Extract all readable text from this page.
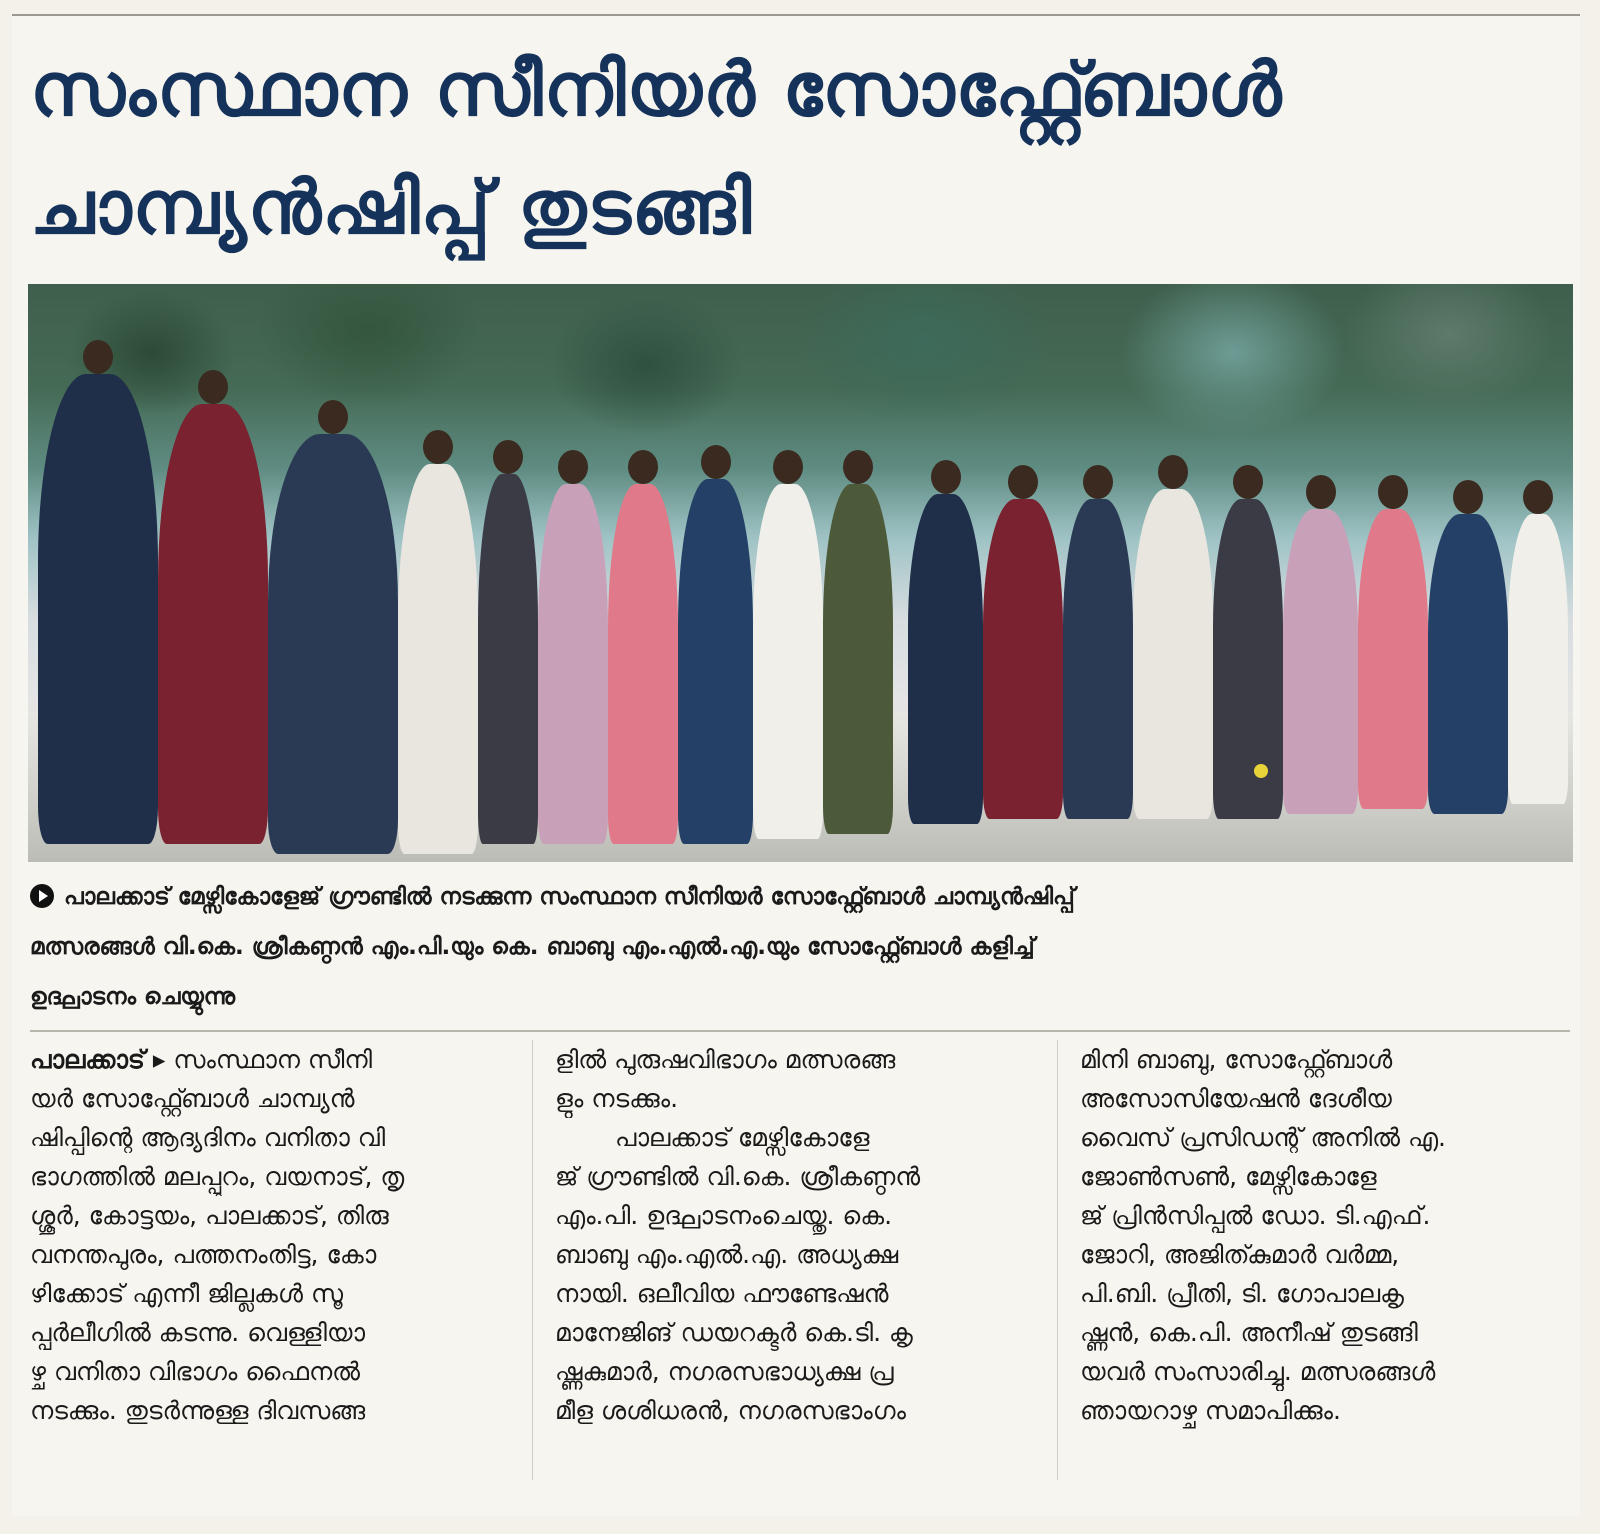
സംസ്ഥാന സീനിയർ സോഫ്റ്റ്ബോൾ
ചാമ്പ്യൻഷിപ്പ് തുടങ്ങി
പാലക്കാട് മേഴ്സികോളേജ് ഗ്രൗണ്ടിൽ നടക്കുന്ന സംസ്ഥാന സീനിയർ സോഫ്റ്റ്ബോൾ ചാമ്പ്യൻഷിപ്പ്
മത്സരങ്ങൾ വി.കെ. ശ്രീകണ്ഠൻ എം.പി.യും കെ. ബാബു എം.എൽ.എ.യും സോഫ്റ്റ്ബോൾ കളിച്ച്
ഉദ്ഘാടനം ചെയ്യുന്നു
പാലക്കാട് ▸ സംസ്ഥാന സീനി
യർ സോഫ്റ്റ്ബോൾ ചാമ്പ്യൻ
ഷിപ്പിന്റെ ആദ്യദിനം വനിതാ വി
ഭാഗത്തിൽ മലപ്പുറം, വയനാട്, തൃ
ശ്ശൂർ, കോട്ടയം, പാലക്കാട്, തിരു
വനന്തപുരം, പത്തനംതിട്ട, കോ
ഴിക്കോട് എന്നീ ജില്ലകൾ സൂ
പ്പർലീഗിൽ കടന്നു. വെള്ളിയാ
ഴ്ച വനിതാ വിഭാഗം ഫൈനൽ
നടക്കും. തുടർന്നുള്ള ദിവസങ്ങ
ളിൽ പുരുഷവിഭാഗം മത്സരങ്ങ
ളും നടക്കും.
പാലക്കാട് മേഴ്സികോളേ
ജ് ഗ്രൗണ്ടിൽ വി.കെ. ശ്രീകണ്ഠൻ
എം.പി. ഉദ്ഘാടനംചെയ്തു. കെ.
ബാബു എം.എൽ.എ. അധ്യക്ഷ
നായി. ഒലീവിയ ഫൗണ്ടേഷൻ
മാനേജിങ് ഡയറക്ടർ കെ.ടി. കൃ
ഷ്ണകുമാർ, നഗരസഭാധ്യക്ഷ പ്ര
മീള ശശിധരൻ, നഗരസഭാംഗം
മിനി ബാബു, സോഫ്റ്റ്ബോൾ
അസോസിയേഷൻ ദേശീയ
വൈസ് പ്രസിഡന്റ് അനിൽ എ.
ജോൺസൺ, മേഴ്സികോളേ
ജ് പ്രിൻസിപ്പൽ ഡോ. ടി.എഫ്.
ജോറി, അജിത്കുമാർ വർമ്മ,
പി.ബി. പ്രീതി, ടി. ഗോപാലകൃ
ഷ്ണൻ, കെ.പി. അനീഷ് തുടങ്ങി
യവർ സംസാരിച്ചു. മത്സരങ്ങൾ
ഞായറാഴ്ച സമാപിക്കും.
